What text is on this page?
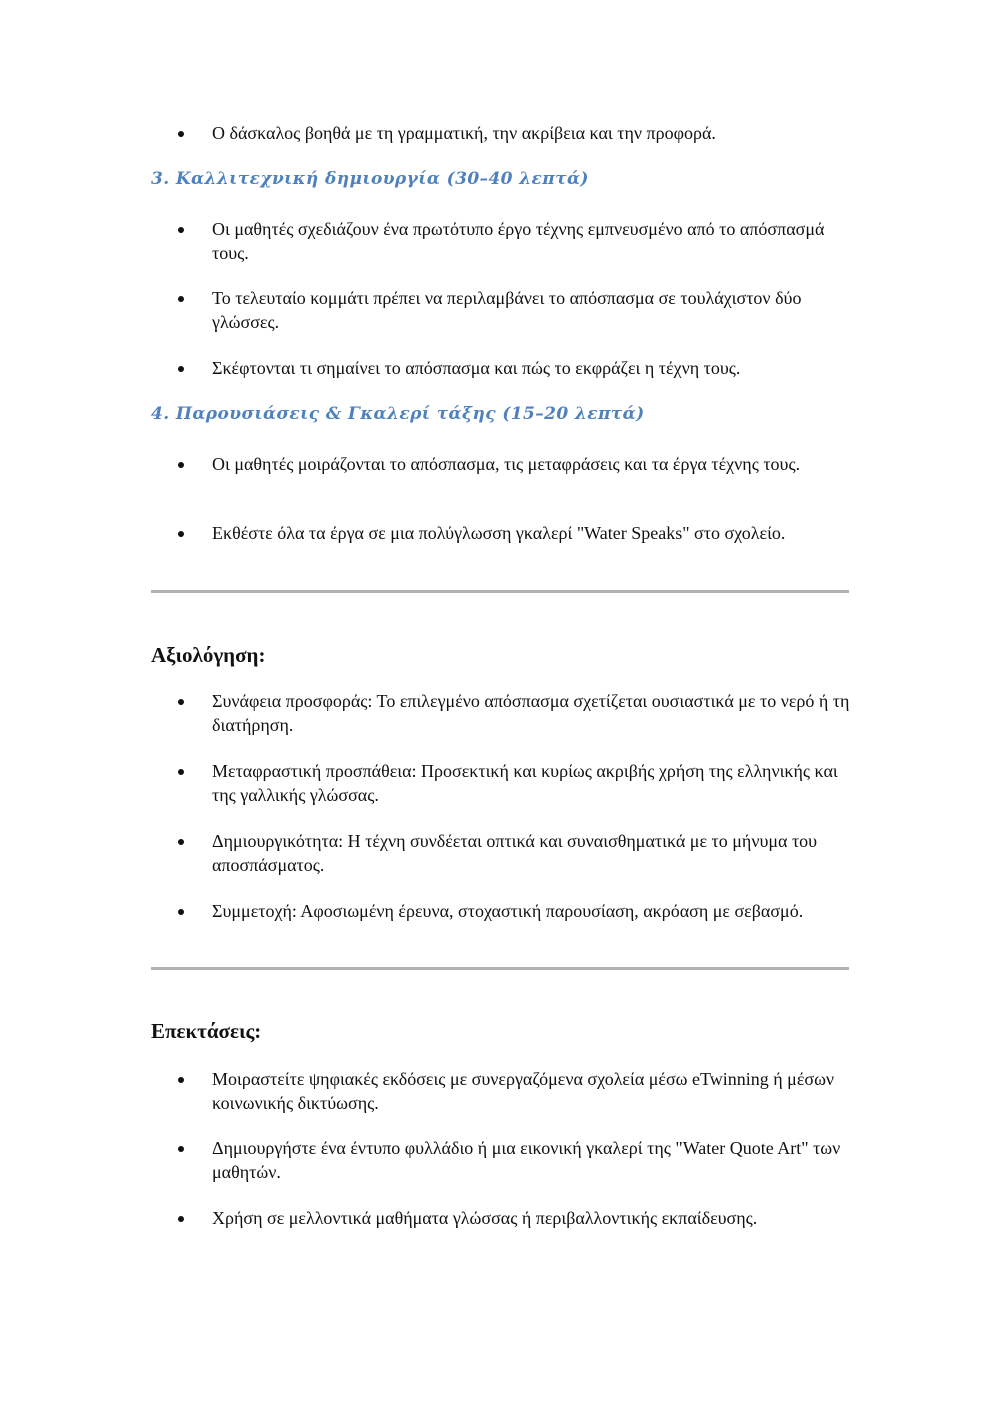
Ο δάσκαλος βοηθά με τη γραμματική, την ακρίβεια και την προφορά.
3. Καλλιτεχνική δημιουργία (30–40 λεπτά)
Οι μαθητές σχεδιάζουν ένα πρωτότυπο έργο τέχνης εμπνευσμένο από το απόσπασμά τους.
Το τελευταίο κομμάτι πρέπει να περιλαμβάνει το απόσπασμα σε τουλάχιστον δύο γλώσσες.
Σκέφτονται τι σημαίνει το απόσπασμα και πώς το εκφράζει η τέχνη τους.
4. Παρουσιάσεις & Γκαλερί τάξης (15–20 λεπτά)
Οι μαθητές μοιράζονται το απόσπασμα, τις μεταφράσεις και τα έργα τέχνης τους.
Εκθέστε όλα τα έργα σε μια πολύγλωσση γκαλερί "Water Speaks" στο σχολείο.
Αξιολόγηση:
Συνάφεια προσφοράς: Το επιλεγμένο απόσπασμα σχετίζεται ουσιαστικά με το νερό ή τη διατήρηση.
Μεταφραστική προσπάθεια: Προσεκτική και κυρίως ακριβής χρήση της ελληνικής και της γαλλικής γλώσσας.
Δημιουργικότητα: Η τέχνη συνδέεται οπτικά και συναισθηματικά με το μήνυμα του αποσπάσματος.
Συμμετοχή: Αφοσιωμένη έρευνα, στοχαστική παρουσίαση, ακρόαση με σεβασμό.
Επεκτάσεις:
Μοιραστείτε ψηφιακές εκδόσεις με συνεργαζόμενα σχολεία μέσω eTwinning ή μέσων κοινωνικής δικτύωσης.
Δημιουργήστε ένα έντυπο φυλλάδιο ή μια εικονική γκαλερί της "Water Quote Art" των μαθητών.
Χρήση σε μελλοντικά μαθήματα γλώσσας ή περιβαλλοντικής εκπαίδευσης.
